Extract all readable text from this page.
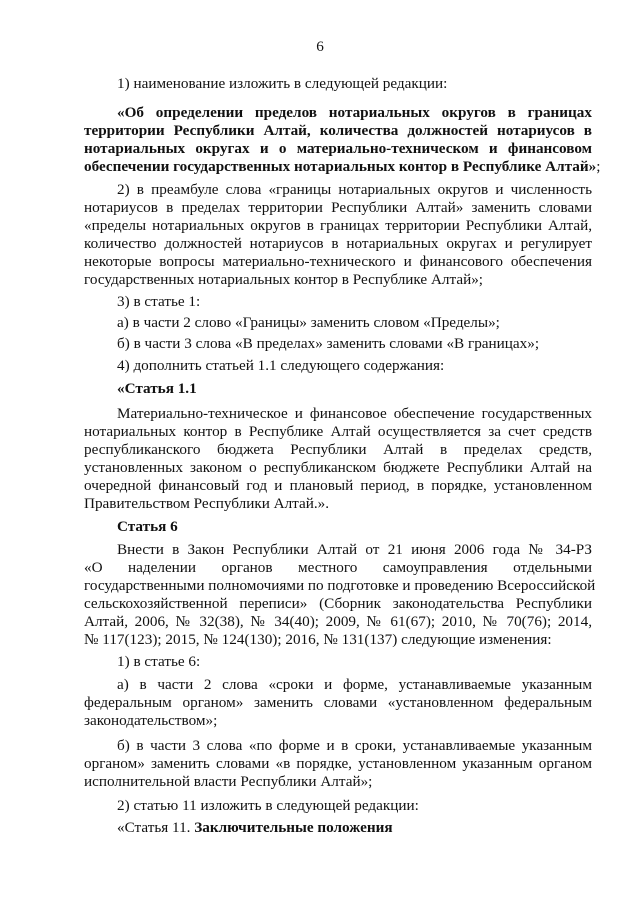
6
1) наименование изложить в следующей редакции:
«Об определении пределов нотариальных округов в границах
территории Республики Алтай, количества должностей нотариусов в
нотариальных округах и о материально-техническом и финансовом
обеспечении государственных нотариальных контор в Республике Алтай»;
2) в преамбуле слова «границы нотариальных округов и численность
нотариусов в пределах территории Республики Алтай» заменить словами
«пределы нотариальных округов в границах территории Республики Алтай,
количество должностей нотариусов в нотариальных округах и регулирует
некоторые вопросы материально-технического и финансового обеспечения
государственных нотариальных контор в Республике Алтай»;
3) в статье 1:
а) в части 2 слово «Границы» заменить словом «Пределы»;
б) в части 3 слова «В пределах» заменить словами «В границах»;
4) дополнить статьей 1.1 следующего содержания:
«Статья 1.1
Материально-техническое и финансовое обеспечение государственных
нотариальных контор в Республике Алтай осуществляется за счет средств
республиканского бюджета Республики Алтай в пределах средств,
установленных законом о республиканском бюджете Республики Алтай на
очередной финансовый год и плановый период, в порядке, установленном
Правительством Республики Алтай.».
Статья 6
Внести в Закон Республики Алтай от 21 июня 2006 года № 34-РЗ
«О наделении органов местного самоуправления отдельными
государственными полномочиями по подготовке и проведению Всероссийской
сельскохозяйственной переписи» (Сборник законодательства Республики
Алтай, 2006, № 32(38), № 34(40); 2009, № 61(67); 2010, № 70(76); 2014,
№ 117(123); 2015, № 124(130); 2016, № 131(137) следующие изменения:
1) в статье 6:
а) в части 2 слова «сроки и форме, устанавливаемые указанным
федеральным органом» заменить словами «установленном федеральным
законодательством»;
б) в части 3 слова «по форме и в сроки, устанавливаемые указанным
органом» заменить словами «в порядке, установленном указанным органом
исполнительной власти Республики Алтай»;
2) статью 11 изложить в следующей редакции:
«Статья 11. Заключительные положения
